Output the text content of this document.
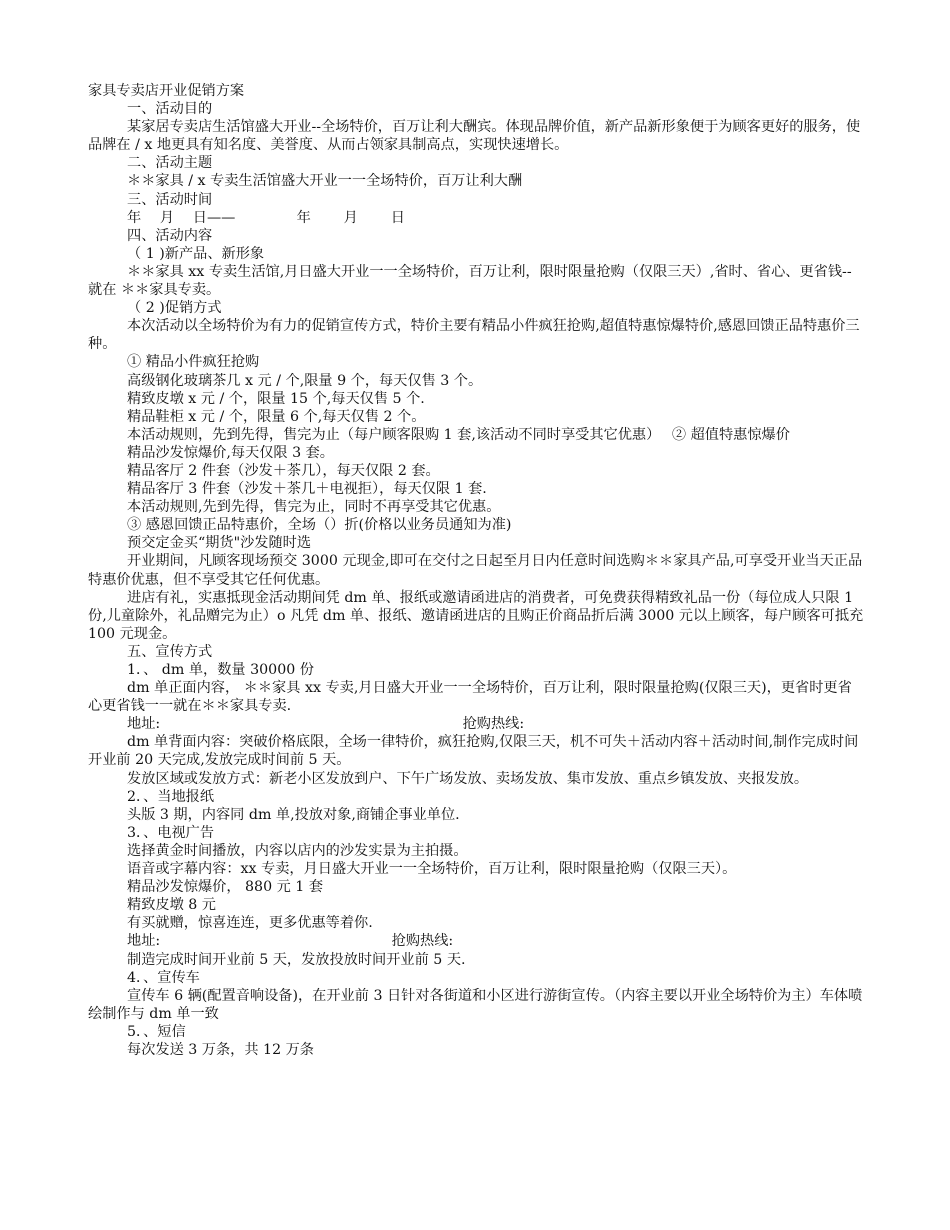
家具专卖店开业促销方案

一、活动目的

某家居专卖店生活馆盛大开业--全场特价，百万让利大酬宾。体现品牌价值，新产品新形象便于为顾客更好的服务，使品牌在 / x 地更具有知名度、美誉度、从而占领家具制高点，实现快速增长。

二、活动主题

＊＊家具 / x 专卖生活馆盛大开业一一全场特价，百万让利大酬

三、活动时间

年　 月　 日——　　　　 年　　 月　　 日

四、活动内容

（ 1 )新产品、新形象

＊＊家具 xx 专卖生活馆,月日盛大开业一一全场特价，百万让利，限时限量抢购（仅限三天）,省时、省心、更省钱--就在 ＊＊家具专卖。

（ 2 )促销方式

本次活动以全场特价为有力的促销宣传方式，特价主要有精品小件疯狂抢购,超值特惠惊爆特价,感恩回馈正品特惠价三种。

① 精品小件疯狂抢购

高级钢化玻璃茶几 x 元 / 个,限量 9 个，每天仅售 3 个。

精致皮墩 x 元 / 个，限量 15 个,每天仅售 5 个.

精品鞋柜 x 元 / 个，限量 6 个,每天仅售 2 个。

本活动规则，先到先得，售完为止（每户顾客限购 1 套,该活动不同时享受其它优惠）　 ② 超值特惠惊爆价

精品沙发惊爆价,每天仅限 3 套。

精品客厅 2 件套（沙发＋茶几），每天仅限 2 套。

精品客厅 3 件套（沙发＋茶几＋电视拒），每天仅限 1 套.

本活动规则,先到先得，售完为止，同时不再享受其它优惠。

③ 感恩回馈正品特惠价，全场（）折(价格以业务员通知为准)

预交定金买“期货"沙发随时选

开业期间，凡顾客现场预交 3000 元现金,即可在交付之日起至月日内任意时间选购＊＊家具产品,可享受开业当天正品特惠价优惠，但不享受其它任何优惠。

进店有礼，实惠抵现金活动期间凭 dm 单、报纸或邀请函进店的消费者，可免费获得精致礼品一份（每位成人只限 1 份,儿童除外，礼品赠完为止）o 凡凭 dm 单、报纸、邀请函进店的且购正价商品折后满 3000 元以上顾客，每户顾客可抵充 100 元现金。

五、宣传方式

1．、 dm 单，数量 30000 份

dm 单正面内容， ＊＊家具 xx 专卖,月日盛大开业一一全场特价，百万让利，限时限量抢购(仅限三天)，更省时更省心更省钱一一就在＊＊家具专卖.

地址:　　　　　　　　　　　　　　　　　　　　　 抢购热线:

dm 单背面内容：突破价格底限，全场一律特价，疯狂抢购,仅限三天，机不可失＋活动内容＋活动时间,制作完成时间开业前 20 天完成,发放完成时间前 5 天。

发放区域或发放方式：新老小区发放到户、下午广场发放、卖场发放、集市发放、重点乡镇发放、夹报发放。

2．、当地报纸

头版 3 期，内容同 dm 单,投放对象,商铺企事业单位.

3．、电视广告

选择黄金时间播放，内容以店内的沙发实景为主拍摄。

语音或字幕内容：xx 专卖，月日盛大开业一一全场特价，百万让利，限时限量抢购（仅限三天）。

精品沙发惊爆价， 880 元 1 套

精致皮墩 8 元

有买就赠，惊喜连连，更多优惠等着你.

地址:　　　　　　　　　　　　　　　　 抢购热线:

制造完成时间开业前 5 天，发放投放时间开业前 5 天.

4．、宣传车

宣传车 6 辆(配置音响设备)，在开业前 3 日针对各街道和小区进行游街宣传。（内容主要以开业全场特价为主）车体喷绘制作与 dm 单一致

5．、短信

每次发送 3 万条，共 12 万条
